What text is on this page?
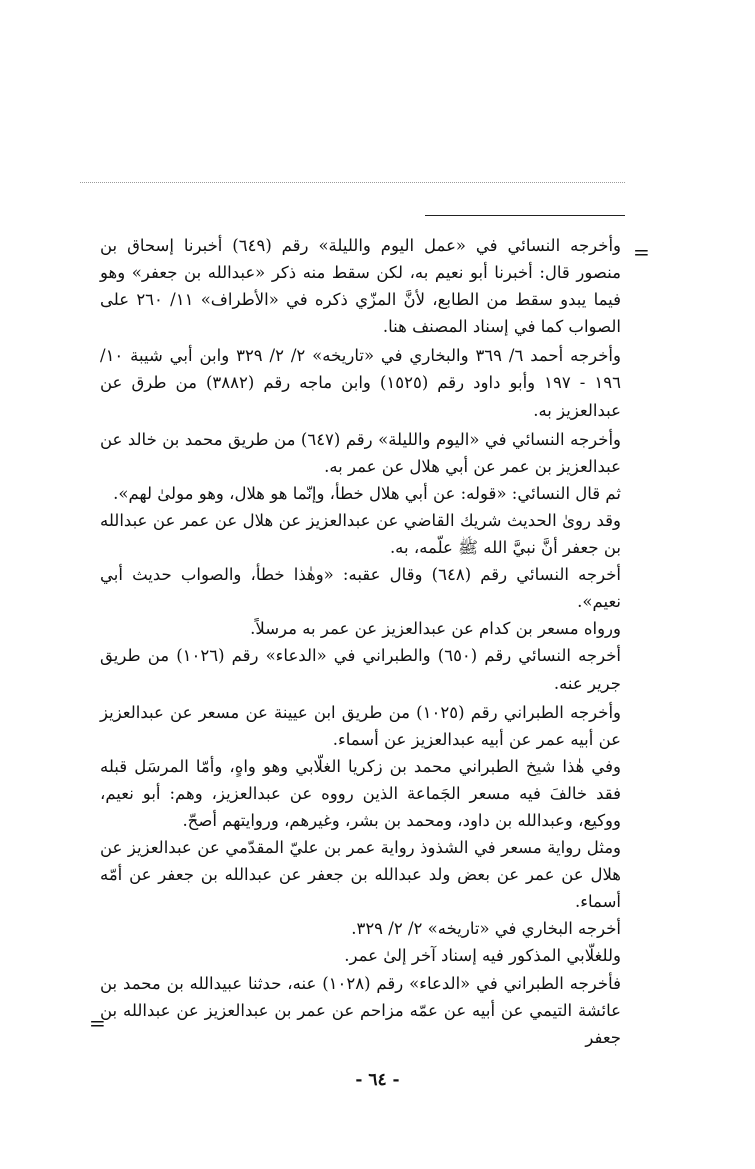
=

وأخرجه النسائي في «عمل اليوم والليلة» رقم (٦٤٩) أخبرنا إسحاق بن منصور قال: أخبرنا أبو نعيم به، لكن سقط منه ذكر «عبدالله بن جعفر» وهو فيما يبدو سقط من الطابع، لأنَّ المزّي ذكره في «الأطراف» ١١/ ٢٦٠ على الصواب كما في إسناد المصنف هنا.

وأخرجه أحمد ٦/ ٣٦٩ والبخاري في «تاريخه» ٢/ ٢/ ٣٢٩ وابن أبي شيبة ١٠/ ١٩٦ - ١٩٧ وأبو داود رقم (١٥٢٥) وابن ماجه رقم (٣٨٨٢) من طرق عن عبدالعزيز به.

وأخرجه النسائي في «اليوم والليلة» رقم (٦٤٧) من طريق محمد بن خالد عن عبدالعزيز بن عمر عن أبي هلال عن عمر به.

ثم قال النسائي: «قوله: عن أبي هلال خطأ، وإنّما هو هلال، وهو مولىٰ لهم».

وقد روىٰ الحديث شريك القاضي عن عبدالعزيز عن هلال عن عمر عن عبدالله بن جعفر أنَّ نبيَّ الله ﷺ علّمه، به.

أخرجه النسائي رقم (٦٤٨) وقال عقبه: «وهٰذا خطأ، والصواب حديث أبي نعيم».

ورواه مسعر بن كدام عن عبدالعزيز عن عمر به مرسلاً.

أخرجه النسائي رقم (٦٥٠) والطبراني في «الدعاء» رقم (١٠٢٦) من طريق جرير عنه.

وأخرجه الطبراني رقم (١٠٢٥) من طريق ابن عيينة عن مسعر عن عبدالعزيز عن أبيه عمر عن أبيه عبدالعزيز عن أسماء.

وفي هٰذا شيخ الطبراني محمد بن زكريا الغلّابي وهو واهٍ، وأمّا المرسَل قبله فقد خالفَ فيه مسعر الجَماعة الذين رووه عن عبدالعزيز، وهم: أبو نعيم، ووكيع، وعبدالله بن داود، ومحمد بن بشر، وغيرهم، وروايتهم أصحّ.

ومثل رواية مسعر في الشذوذ رواية عمر بن عليّ المقدّمي عن عبدالعزيز عن هلال عن عمر عن بعض ولد عبدالله بن جعفر عن عبدالله بن جعفر عن أمّه أسماء.

أخرجه البخاري في «تاريخه» ٢/ ٢/ ٣٢٩.

وللغلّابي المذكور فيه إسناد آخر إلىٰ عمر.

فأخرجه الطبراني في «الدعاء» رقم (١٠٢٨) عنه، حدثنا عبيدالله بن محمد بن عائشة التيمي عن أبيه عن عمّه مزاحم عن عمر بن عبدالعزيز عن عبدالله بن جعفر

=
- ٦٤ -
